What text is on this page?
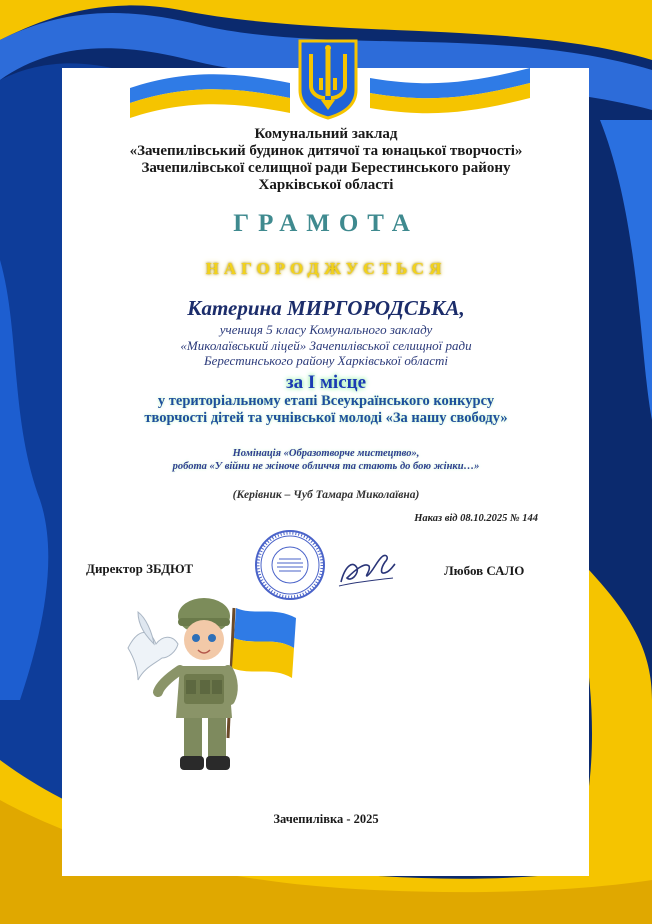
Комунальний заклад
«Зачепилівський будинок дитячої та юнацької творчості»
Зачепилівської селищної ради Берестинського району
Харківської області
ГРАМОТА
НАГОРОДЖУЄТЬСЯ
Катерина МИРГОРОДСЬКА,
учениця 5 класу Комунального закладу
«Миколаївський ліцей» Зачепилівської селищної ради
Берестинського району Харківської області
за І місце
у територіальному етапі Всеукраїнського конкурсу
творчості дітей та учнівської молоді «За нашу свободу»
Номінація «Образотворче мистецтво»,
робота «У війни не жіноче обличчя та стають до бою жінки…»
(Керівник – Чуб Тамара Миколаївна)
Наказ від 08.10.2025 № 144
Директор ЗБДЮТ	Любов САЛО
Зачепилівка - 2025
